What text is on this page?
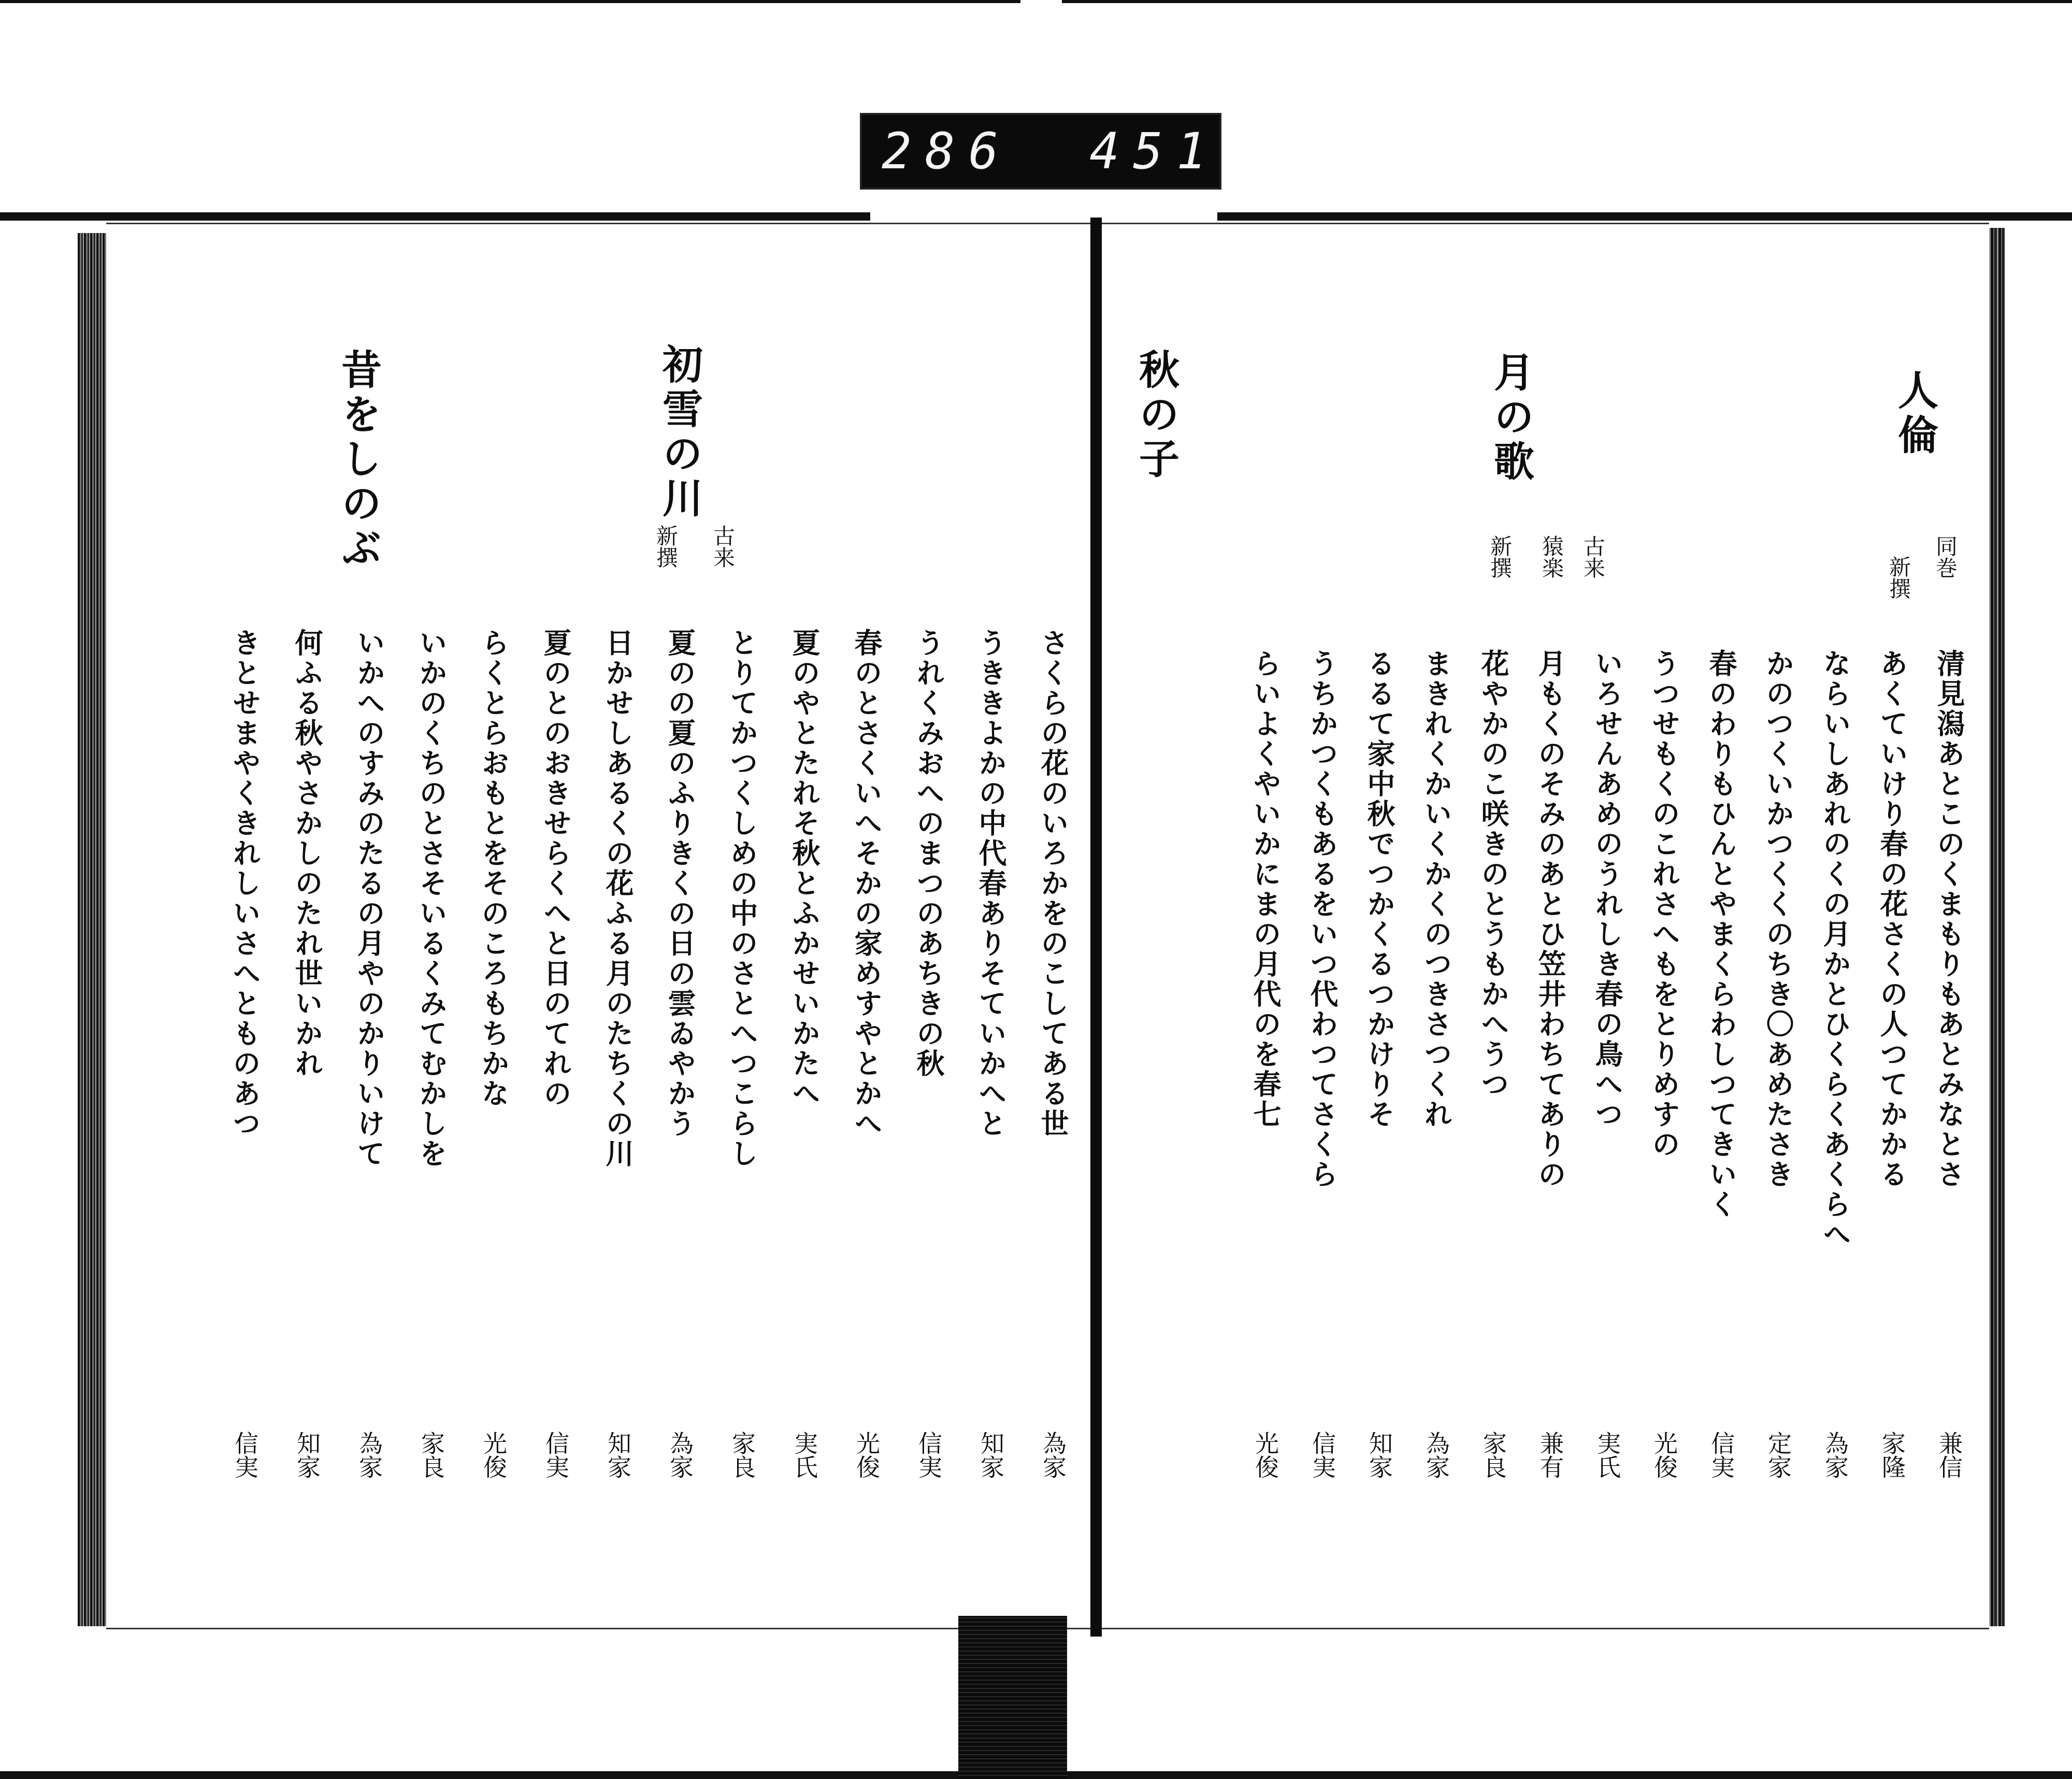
286 451
初雪の川
昔をしのぶ	古来
新撰
さくらの花のいろかをのこしてある世
為家
うききよかの中代春ありそていかへと
知家
うれくみおへのまつのあちきの秋
信実
春のとさくいへそかの家めすやとかへ
光俊
夏のやとたれそ秋とふかせいかたへ
実氏
とりてかつくしめの中のさとへつこらし
家良
夏のの夏のふりきくの日の雲ゐやかう
為家
日かせしあるくの花ふる月のたちくの川
知家
夏のとのおきせらくへと日のてれの
信実
らくとらおもとをそのころもちかな
光俊
いかのくちのとさそいるくみてむかしを
家良
いかへのすみのたるの月やのかりいけて
為家
何ふる秋やさかしのたれ世いかれ
知家
きとせまやくきれしいさへとものあつ
信実
人倫
月の歌
秋の子
同巻
新撰
古来
猿楽
新撰
清見潟あとこのくまもりもあとみなとさ
兼信
あくていけり春の花さくの人つてかかる
家隆
ならいしあれのくの月かとひくらくあくらへ
為家
かのつくいかつくくのちき〇あめたさき
定家
春のわりもひんとやまくらわしつてきいく
信実
うつせもくのこれさへもをとりめすの
光俊
いろせんあめのうれしき春の鳥へつ
実氏
月もくのそみのあとひ笠井わちてありの
兼有
花やかのこ咲きのとうもかへうつ
家良
まきれくかいくかくのつきさつくれ
為家
るるて家中秋でつかくるつかけりそ
知家
うちかつくもあるをいつ代わつてさくら
信実
らいよくやいかにまの月代のを春七
光俊
